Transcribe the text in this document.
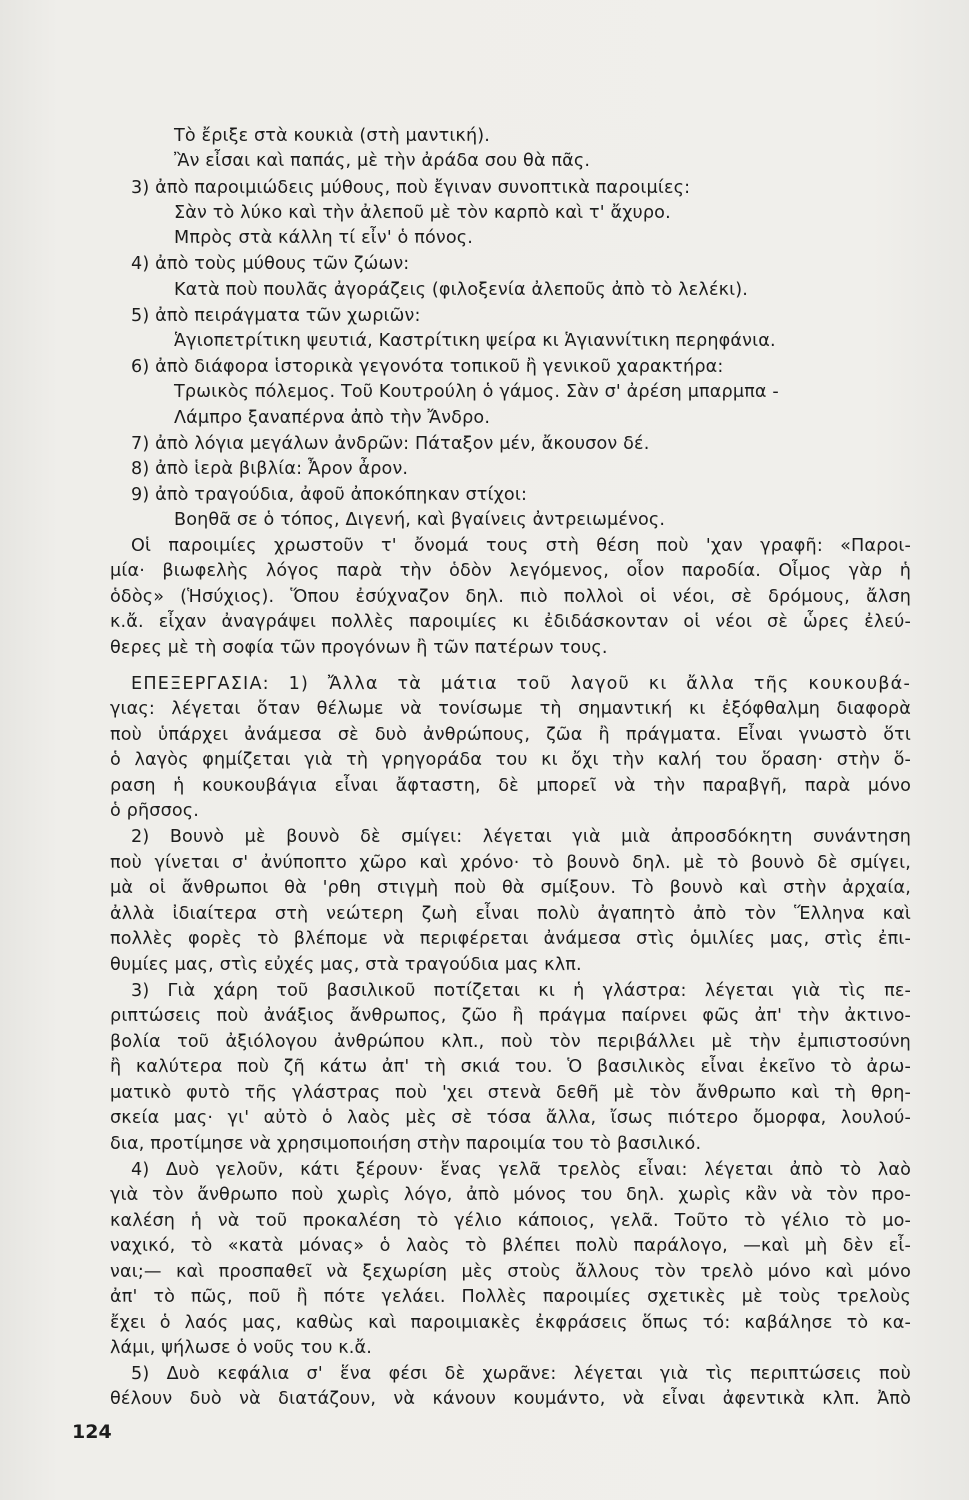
Τὸ ἔριξε στὰ κουκιὰ (στὴ μαντική).
Ἂν εἶσαι καὶ παπάς, μὲ τὴν ἀράδα σου θὰ πᾶς.
3) ἀπὸ παροιμιώδεις μύθους, ποὺ ἔγιναν συνοπτικὰ παροιμίες:
Σὰν τὸ λύκο καὶ τὴν ἀλεποῦ μὲ τὸν καρπὸ καὶ τ' ἄχυρο.
Μπρὸς στὰ κάλλη τί εἶν' ὁ πόνος.
4) ἀπὸ τοὺς μύθους τῶν ζώων:
Κατὰ ποὺ πουλᾶς ἀγοράζεις (φιλοξενία ἀλεποῦς ἀπὸ τὸ λελέκι).
5) ἀπὸ πειράγματα τῶν χωριῶν:
Ἁγιοπετρίτικη ψευτιά, Καστρίτικη ψείρα κι Ἁγιαννίτικη περηφάνια.
6) ἀπὸ διάφορα ἱστορικὰ γεγονότα τοπικοῦ ἢ γενικοῦ χαρακτήρα:
Τρωικὸς πόλεμος. Τοῦ Κουτρούλη ὁ γάμος. Σὰν σ' ἀρέση μπαρμπα -
Λάμπρο ξαναπέρνα ἀπὸ τὴν Ἄνδρο.
7) ἀπὸ λόγια μεγάλων ἀνδρῶν: Πάταξον μέν, ἄκουσον δέ.
8) ἀπὸ ἱερὰ βιβλία: Ἆρον ἆρον.
9) ἀπὸ τραγούδια, ἀφοῦ ἀποκόπηκαν στίχοι:
Βοηθᾶ σε ὁ τόπος, Διγενή, καὶ βγαίνεις ἀντρειωμένος.
Οἱ παροιμίες χρωστοῦν τ' ὄνομά τους στὴ θέση ποὺ 'χαν γραφῆ: «Παροι-
μία· βιωφελὴς λόγος παρὰ τὴν ὁδὸν λεγόμενος, οἷον παροδία. Οἶμος γὰρ ἡ
ὁδὸς» (Ἡσύχιος). Ὅπου ἐσύχναζον δηλ. πιὸ πολλοὶ οἱ νέοι, σὲ δρόμους, ἄλση
κ.ἄ. εἶχαν ἀναγράψει πολλὲς παροιμίες κι ἐδιδάσκονταν οἱ νέοι σὲ ὧρες ἐλεύ-
θερες μὲ τὴ σοφία τῶν προγόνων ἢ τῶν πατέρων τους.
ΕΠΕΞΕΡΓΑΣΙΑ: 1) Ἄλλα τὰ μάτια τοῦ λαγοῦ κι ἄλλα τῆς κουκουβά-
γιας: λέγεται ὅταν θέλωμε νὰ τονίσωμε τὴ σημαντική κι ἐξόφθαλμη διαφορὰ
ποὺ ὑπάρχει ἀνάμεσα σὲ δυὸ ἀνθρώπους, ζῶα ἢ πράγματα. Εἶναι γνωστὸ ὅτι
ὁ λαγὸς φημίζεται γιὰ τὴ γρηγοράδα του κι ὄχι τὴν καλή του ὅραση· στὴν ὅ-
ραση ἡ κουκουβάγια εἶναι ἄφταστη, δὲ μπορεῖ νὰ τὴν παραβγῆ, παρὰ μόνο
ὁ ρῆσσος.
2) Βουνὸ μὲ βουνὸ δὲ σμίγει: λέγεται γιὰ μιὰ ἀπροσδόκητη συνάντηση
ποὺ γίνεται σ' ἀνύποπτο χῶρο καὶ χρόνο· τὸ βουνὸ δηλ. μὲ τὸ βουνὸ δὲ σμίγει,
μὰ οἱ ἄνθρωποι θὰ 'ρθη στιγμὴ ποὺ θὰ σμίξουν. Τὸ βουνὸ καὶ στὴν ἀρχαία,
ἀλλὰ ἰδιαίτερα στὴ νεώτερη ζωὴ εἶναι πολὺ ἀγαπητὸ ἀπὸ τὸν Ἕλληνα καὶ
πολλὲς φορὲς τὸ βλέπομε νὰ περιφέρεται ἀνάμεσα στὶς ὁμιλίες μας, στὶς ἐπι-
θυμίες μας, στὶς εὐχές μας, στὰ τραγούδια μας κλπ.
3) Γιὰ χάρη τοῦ βασιλικοῦ ποτίζεται κι ἡ γλάστρα: λέγεται γιὰ τὶς πε-
ριπτώσεις ποὺ ἀνάξιος ἄνθρωπος, ζῶο ἢ πράγμα παίρνει φῶς ἀπ' τὴν ἀκτινο-
βολία τοῦ ἀξιόλογου ἀνθρώπου κλπ., ποὺ τὸν περιβάλλει μὲ τὴν ἐμπιστοσύνη
ἢ καλύτερα ποὺ ζῆ κάτω ἀπ' τὴ σκιά του. Ὁ βασιλικὸς εἶναι ἐκεῖνο τὸ ἀρω-
ματικὸ φυτὸ τῆς γλάστρας ποὺ 'χει στενὰ δεθῆ μὲ τὸν ἄνθρωπο καὶ τὴ θρη-
σκεία μας· γι' αὐτὸ ὁ λαὸς μὲς σὲ τόσα ἄλλα, ἴσως πιότερο ὄμορφα, λουλού-
δια, προτίμησε νὰ χρησιμοποιήση στὴν παροιμία του τὸ βασιλικό.
4) Δυὸ γελοῦν, κάτι ξέρουν· ἕνας γελᾶ τρελὸς εἶναι: λέγεται ἀπὸ τὸ λαὸ
γιὰ τὸν ἄνθρωπο ποὺ χωρὶς λόγο, ἀπὸ μόνος του δηλ. χωρὶς κἂν νὰ τὸν προ-
καλέση ἡ νὰ τοῦ προκαλέση τὸ γέλιο κάποιος, γελᾶ. Τοῦτο τὸ γέλιο τὸ μο-
ναχικό, τὸ «κατὰ μόνας» ὁ λαὸς τὸ βλέπει πολὺ παράλογο, —καὶ μὴ δὲν εἶ-
ναι;— καὶ προσπαθεῖ νὰ ξεχωρίση μὲς στοὺς ἄλλους τὸν τρελὸ μόνο καὶ μόνο
ἀπ' τὸ πῶς, ποῦ ἢ πότε γελάει. Πολλὲς παροιμίες σχετικὲς μὲ τοὺς τρελοὺς
ἔχει ὁ λαός μας, καθὼς καὶ παροιμιακὲς ἐκφράσεις ὅπως τό: καβάλησε τὸ κα-
λάμι, ψήλωσε ὁ νοῦς του κ.ἄ.
5) Δυὸ κεφάλια σ' ἕνα φέσι δὲ χωρᾶνε: λέγεται γιὰ τὶς περιπτώσεις ποὺ
θέλουν δυὸ νὰ διατάζουν, νὰ κάνουν κουμάντο, νὰ εἶναι ἀφεντικὰ κλπ. Ἀπὸ
124
